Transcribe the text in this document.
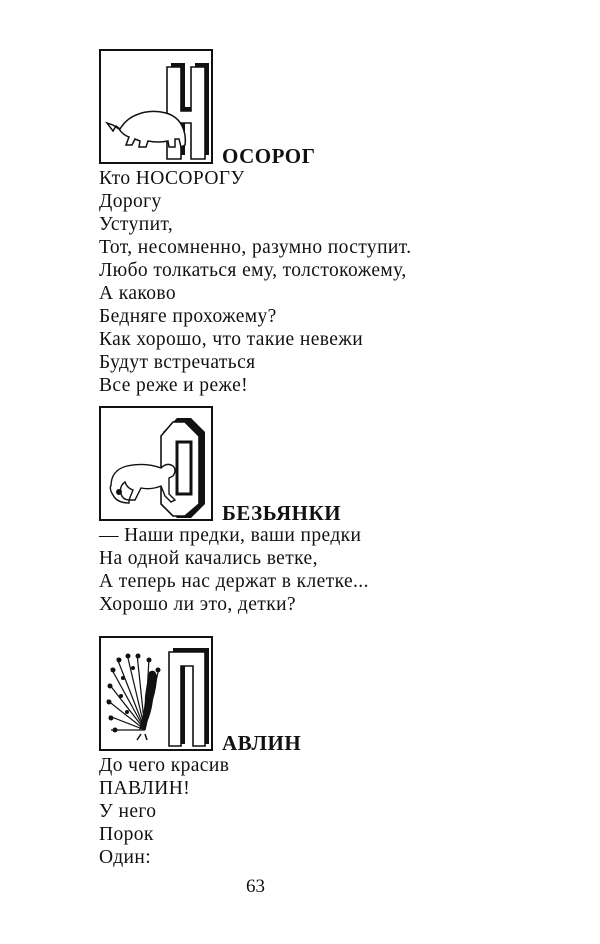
ОСОРОГ
Кто НОСОРОГУ
Дорогу
Уступит,
Тот, несомненно, разумно поступит.
Любо толкаться ему, толстокожему,
А каково
Бедняге прохожему?
Как хорошо, что такие невежи
Будут встречаться
Все реже и реже!
БЕЗЬЯНКИ
— Наши предки, ваши предки
На одной качались ветке,
А теперь нас держат в клетке...
Хорошо ли это, детки?
АВЛИН
До чего красив
ПАВЛИН!
У него
Порок
Один:
63
